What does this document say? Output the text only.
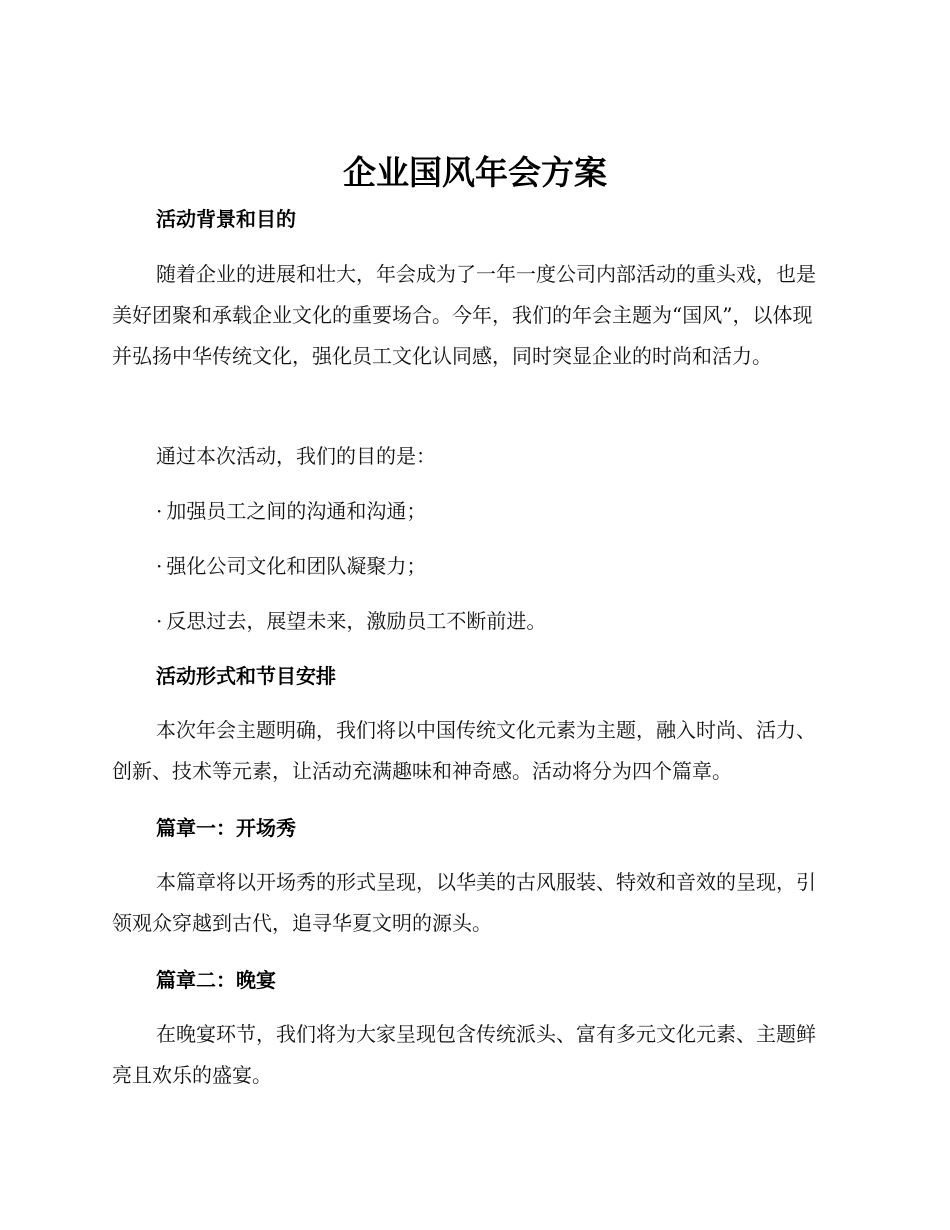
企业国风年会方案
活动背景和目的

随着企业的进展和壮大，年会成为了一年一度公司内部活动的重头戏，也是美好团聚和承载企业文化的重要场合。今年，我们的年会主题为“国风”，以体现并弘扬中华传统文化，强化员工文化认同感，同时突显企业的时尚和活力。

通过本次活动，我们的目的是：

· 加强员工之间的沟通和沟通；

· 强化公司文化和团队凝聚力；

· 反思过去，展望未来，激励员工不断前进。

活动形式和节目安排

本次年会主题明确，我们将以中国传统文化元素为主题，融入时尚、活力、创新、技术等元素，让活动充满趣味和神奇感。活动将分为四个篇章。

篇章一：开场秀

本篇章将以开场秀的形式呈现，以华美的古风服装、特效和音效的呈现，引领观众穿越到古代，追寻华夏文明的源头。

篇章二：晚宴

在晚宴环节，我们将为大家呈现包含传统派头、富有多元文化元素、主题鲜亮且欢乐的盛宴。
